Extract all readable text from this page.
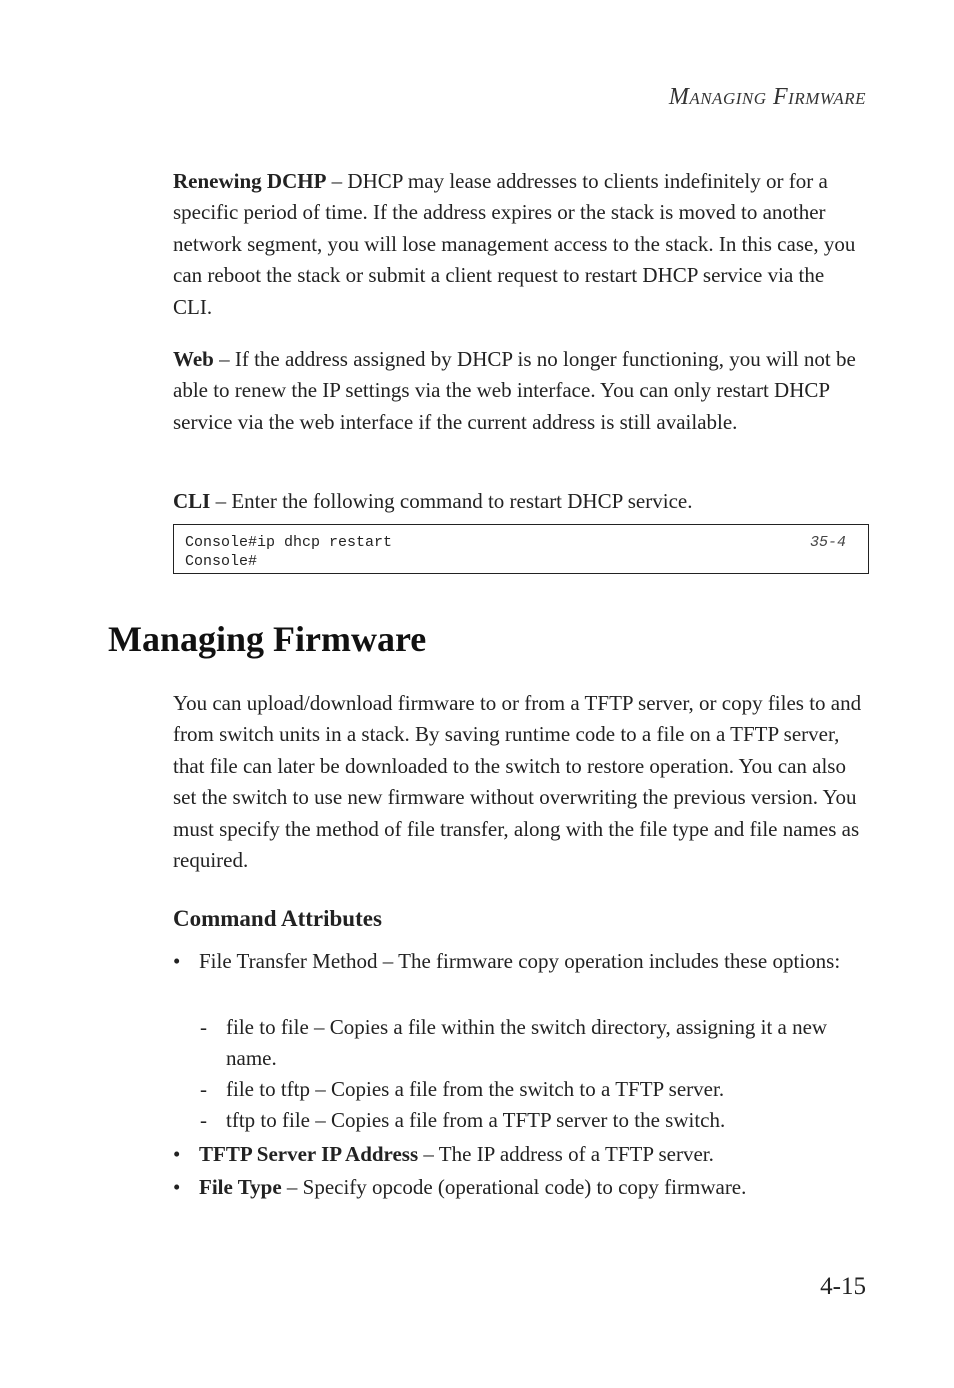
Managing Firmware

Renewing DCHP – DHCP may lease addresses to clients indefinitely or for a specific period of time. If the address expires or the stack is moved to another network segment, you will lose management access to the stack. In this case, you can reboot the stack or submit a client request to restart DHCP service via the CLI.

Web – If the address assigned by DHCP is no longer functioning, you will not be able to renew the IP settings via the web interface. You can only restart DHCP service via the web interface if the current address is still available.

CLI – Enter the following command to restart DHCP service.

Console#ip dhcp restart	35-4
Console#
Managing Firmware

You can upload/download firmware to or from a TFTP server, or copy files to and from switch units in a stack. By saving runtime code to a file on a TFTP server, that file can later be downloaded to the switch to restore operation. You can also set the switch to use new firmware without overwriting the previous version. You must specify the method of file transfer, along with the file type and file names as required.

Command Attributes
• File Transfer Method – The firmware copy operation includes these options:
- file to file – Copies a file within the switch directory, assigning it a new name.
- file to tftp – Copies a file from the switch to a TFTP server.
- tftp to file – Copies a file from a TFTP server to the switch.
• TFTP Server IP Address – The IP address of a TFTP server.
• File Type – Specify opcode (operational code) to copy firmware.
4-15
